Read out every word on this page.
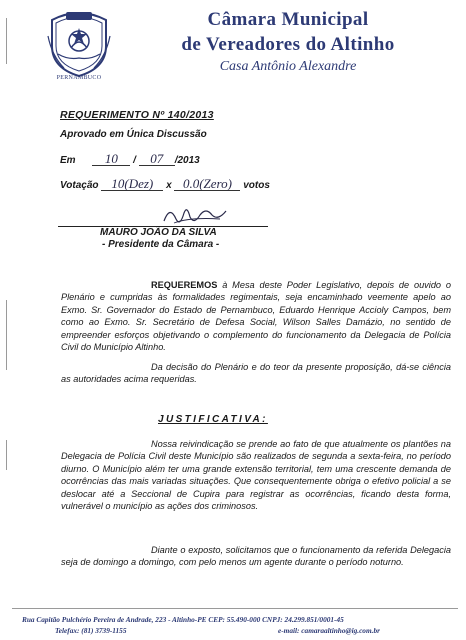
PERNAMBUCO
Câmara Municipal
de Vereadores do Altinho
Casa Antônio Alexandre
REQUERIMENTO Nº 140/2013
Aprovado em Única Discussão
Em 10 / 07 /2013
Votação 10(Dez) x 0.0(Zero) votos
MAURO JOÃO DA SILVA
- Presidente da Câmara -
REQUEREMOS à Mesa deste Poder Legislativo, depois de ouvido o Plenário e cumpridas às formalidades regimentais, seja encaminhado veemente apelo ao Exmo. Sr. Governador do Estado de Pernambuco, Eduardo Henrique Accioly Campos, bem como ao Exmo. Sr. Secretário de Defesa Social, Wilson Salles Damázio, no sentido de empreender esforços objetivando o complemento do funcionamento da Delegacia de Polícia Civil do Município Altinho.
Da decisão do Plenário e do teor da presente proposição, dá-se ciência as autoridades acima requeridas.
JUSTIFICATIVA:
Nossa reivindicação se prende ao fato de que atualmente os plantões na Delegacia de Polícia Civil deste Município são realizados de segunda a sexta-feira, no período diurno. O Município além ter uma grande extensão territorial, tem uma crescente demanda de ocorrências das mais variadas situações. Que consequentemente obriga o efetivo policial a se deslocar até a Seccional de Cupira para registrar as ocorrências, ficando desta forma, vulnerável o município as ações dos criminosos.
Diante o exposto, solicitamos que o funcionamento da referida Delegacia seja de domingo a domingo, com pelo menos um agente durante o período noturno.
Rua Capitão Pulchério Pereira de Andrade, 223 - Altinho-PE CEP: 55.490-000 CNPJ: 24.299.851/0001-45
Telefax: (81) 3739-1155	e-mail: camaraaltinho@ig.com.br
